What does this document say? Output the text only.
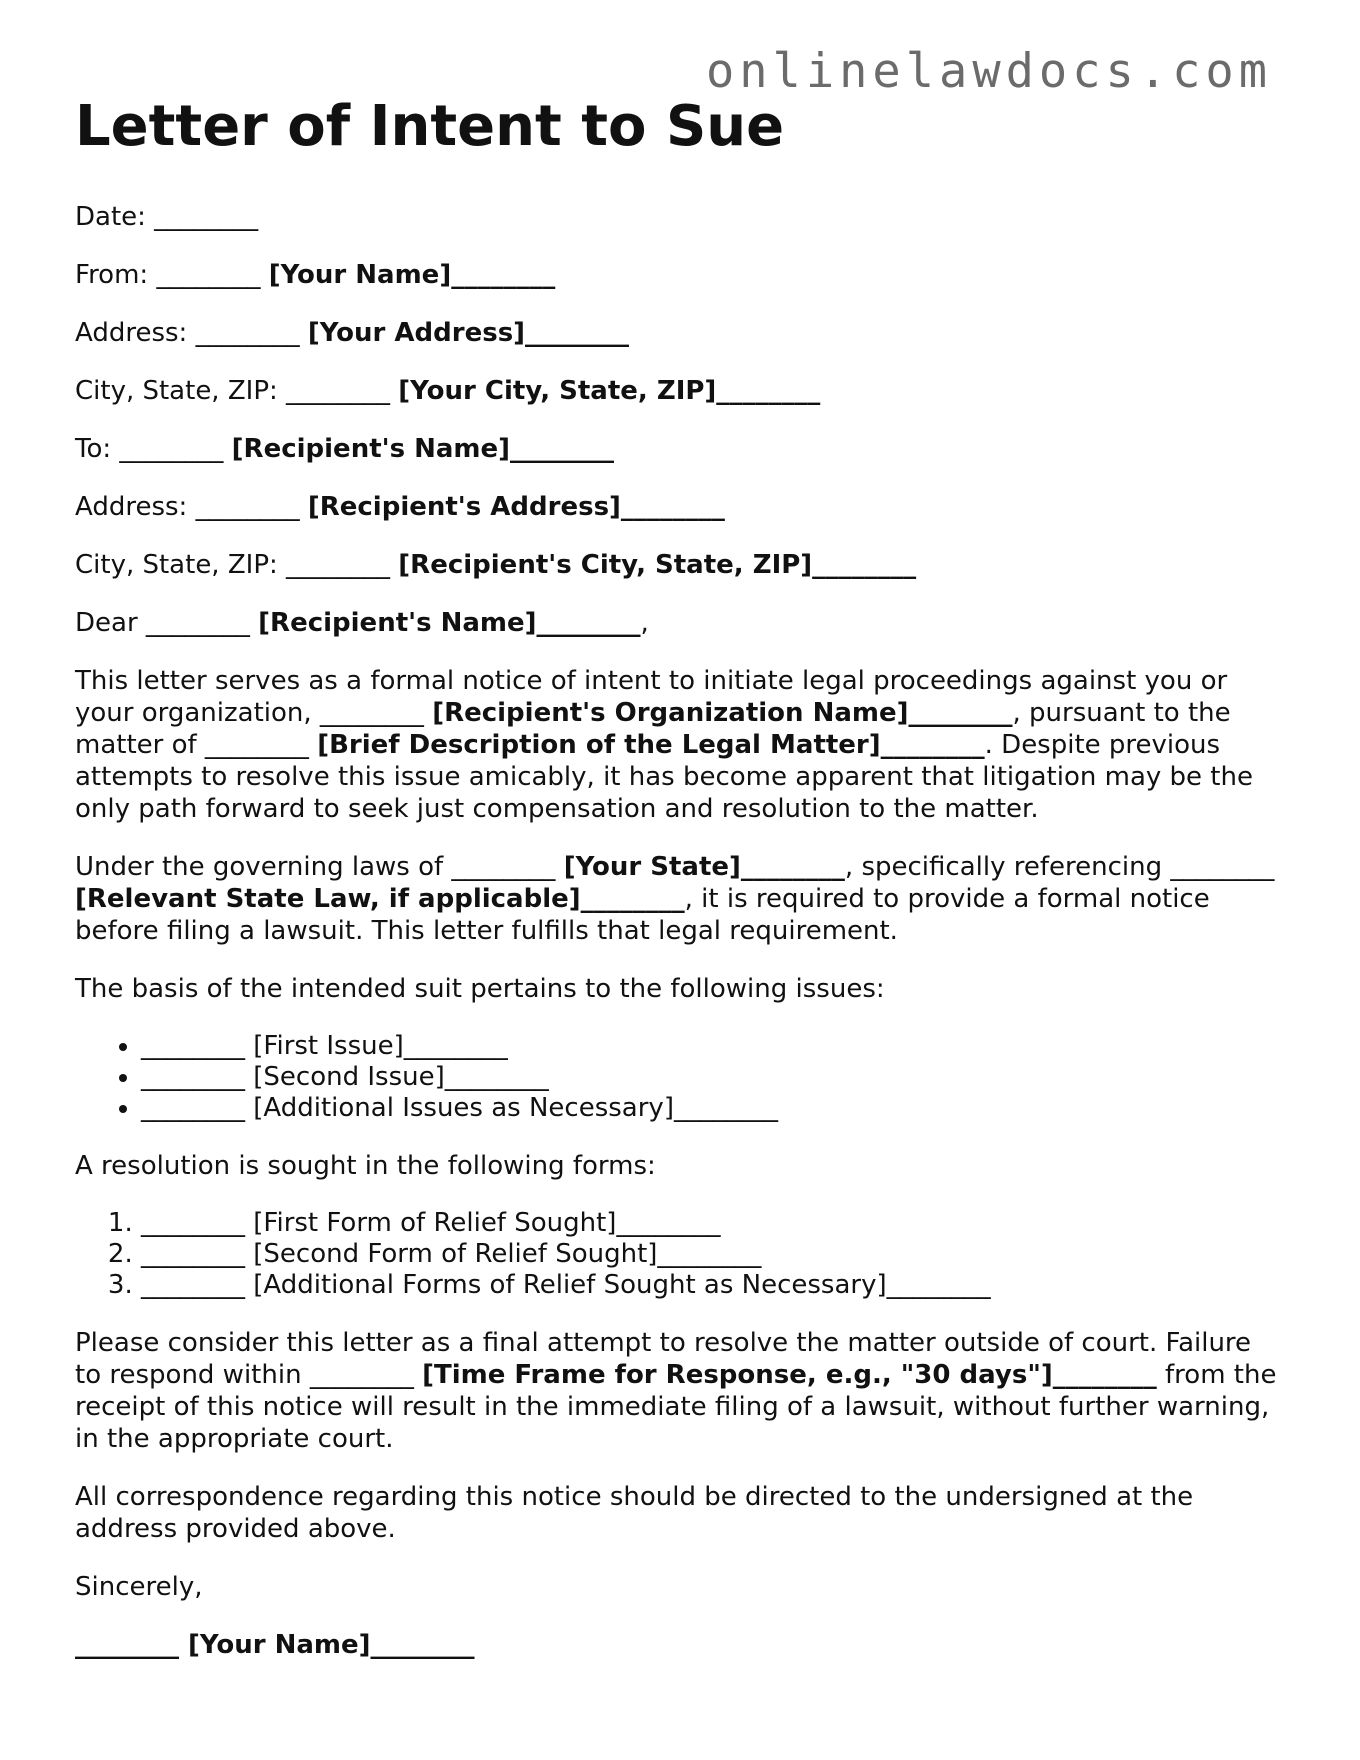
onlinelawdocs.com
Letter of Intent to Sue
Date: ________
From: ________ [Your Name]________
Address: ________ [Your Address]________
City, State, ZIP: ________ [Your City, State, ZIP]________
To: ________ [Recipient's Name]________
Address: ________ [Recipient's Address]________
City, State, ZIP: ________ [Recipient's City, State, ZIP]________
Dear ________ [Recipient's Name]________,

This letter serves as a formal notice of intent to initiate legal proceedings against you or your organization, ________ [Recipient's Organization Name]________, pursuant to the matter of ________ [Brief Description of the Legal Matter]________. Despite previous attempts to resolve this issue amicably, it has become apparent that litigation may be the only path forward to seek just compensation and resolution to the matter.

Under the governing laws of ________ [Your State]________, specifically referencing ________ [Relevant State Law, if applicable]________, it is required to provide a formal notice before filing a lawsuit. This letter fulfills that legal requirement.

The basis of the intended suit pertains to the following issues:

• ________ [First Issue]________
• ________ [Second Issue]________
• ________ [Additional Issues as Necessary]________

A resolution is sought in the following forms:

1. ________ [First Form of Relief Sought]________
2. ________ [Second Form of Relief Sought]________
3. ________ [Additional Forms of Relief Sought as Necessary]________

Please consider this letter as a final attempt to resolve the matter outside of court. Failure to respond within ________ [Time Frame for Response, e.g., "30 days"]________ from the receipt of this notice will result in the immediate filing of a lawsuit, without further warning, in the appropriate court.

All correspondence regarding this notice should be directed to the undersigned at the address provided above.

Sincerely,

________ [Your Name]________
